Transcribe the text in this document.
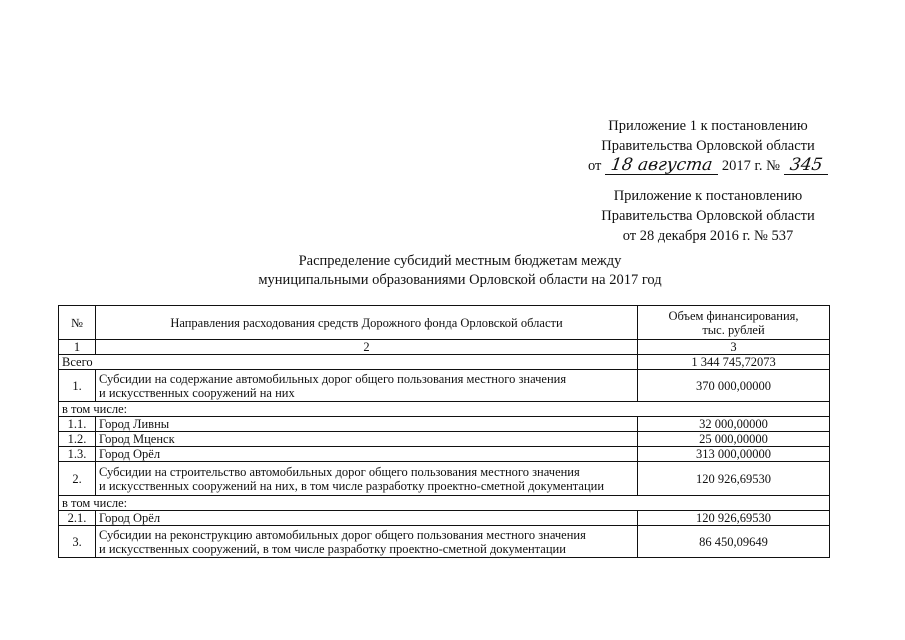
Приложение 1 к постановлению
Правительства Орловской области
от 18 августа 2017 г. № 345
Приложение к постановлению
Правительства Орловской области
от 28 декабря 2016 г. № 537
Распределение субсидий местным бюджетам между
муниципальными образованиями Орловской области на 2017 год
№	Направления расходования средств Дорожного фонда Орловской области	Объем финансирования,
тыс. рублей

1	2	3
Всего		1 344 745,72073
1.	Субсидии на содержание автомобильных дорог общего пользования местного значения
и искусственных сооружений на них	370 000,00000
в том числе:		
1.1.	Город Ливны	32 000,00000
1.2.	Город Мценск	25 000,00000
1.3.	Город Орёл	313 000,00000
2.	Субсидии на строительство автомобильных дорог общего пользования местного значения
и искусственных сооружений на них, в том числе разработку проектно-сметной документации	120 926,69530
в том числе:		
2.1.	Город Орёл	120 926,69530
3.	Субсидии на реконструкцию автомобильных дорог общего пользования местного значения
и искусственных сооружений, в том числе разработку проектно-сметной документации	86 450,09649
